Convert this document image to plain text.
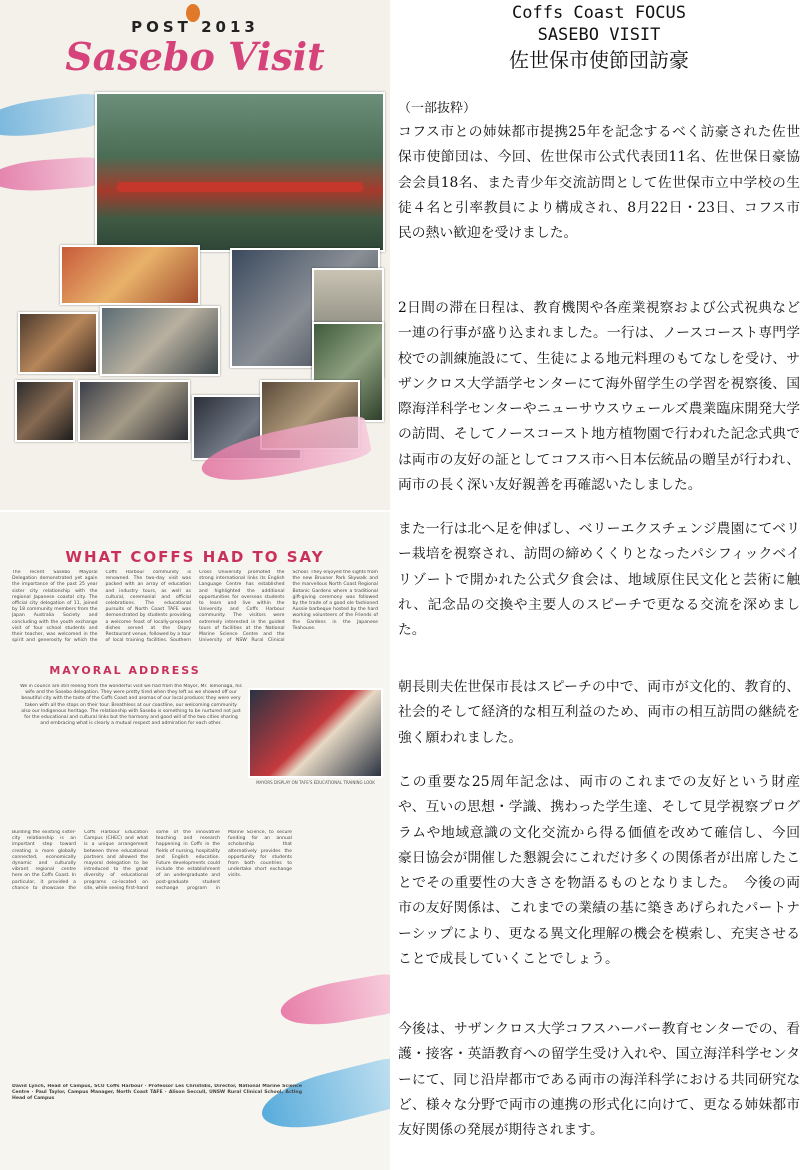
POST 2013
Sasebo Visit
WHAT COFFS HAD TO SAY
The recent Sasebo Mayoral Delegation demonstrated yet again the importance of the past 25 year sister city relationship with the regional Japanese coastal city. The official city delegation of 11, joined by 18 community members from the Japan Australia Society and concluding with the youth exchange visit of four school students and their teacher, was welcomed in the spirit and generosity for which the Coffs Harbour community is renowned. The two-day visit was packed with an array of education and industry tours, as well as cultural, ceremonial and official celebrations. The educational pursuits of North Coast TAFE was demonstrated by students providing a welcome feast of locally-prepared dishes served at the Ospry Restaurant venue, followed by a tour of local training facilities. Southern Cross University promoted the strong international links its English Language Centre has established and highlighted the additional opportunities for overseas students to learn and live within the University and Coffs Harbour community. The visitors were extremely interested in the guided tours of facilities at the National Marine Science Centre and the University of NSW Rural Clinical School. They enjoyed the sights from the new Bruxner Park Skywalk and the marvellous North Coast Regional Botanic Gardens where a traditional gift-giving ceremony was followed by the trade of a good ole fashioned Aussie barbeque hosted by the hard working volunteers of the Friends of the Gardens in the Japanese Teahouse.
MAYORAL ADDRESS
We in council are still reeling from the wonderful visit we had from the Mayor, Mr. Tomonaga, his wife and the Sasebo delegation. They were pretty tired when they left as we showed off our beautiful city with the taste of the Coffs Coast and aromas of our local produce; they were very taken with all the stops on their tour. Breathless at our coastline, our welcoming community also our Indigenous heritage. The relationship with Sasebo is something to be nurtured not just for the educational and cultural links but the harmony and good will of the two cities sharing and embracing what is clearly a mutual respect and admiration for each other.
MAYORS DISPLAY ON TAFE'S EDUCATIONAL TRAINING LOOK
Building the existing sister-city relationship is an important step toward creating a more globally connected, economically dynamic and culturally vibrant regional centre here on the Coffs Coast. In particular, it provided a chance to showcase the Coffs Harbour Education Campus (CHEC) and what is a unique arrangement between three educational partners and allowed the mayoral delegation to be introduced to the great diversity of educational programs co-located on site, while seeing first-hand some of the innovative teaching and research happening in Coffs in the fields of nursing, hospitality and English education. Future developments could include the establishment of an undergraduate and post-graduate student exchange program in Marine Science, to secure funding for an annual scholarship that alternatively provides the opportunity for students from both countries to undertake short exchange visits.
David Lynch, Head of Campus, SCU Coffs Harbour · Professor Les Christidis, Director, National Marine Science Centre · Paul Taylor, Campus Manager, North Coast TAFE · Alison Seccull, UNSW Rural Clinical School, Acting Head of Campus
Coffs Coast FOCUS
SASEBO VISIT
佐世保市使節団訪豪
（一部抜粋）
コフス市との姉妹都市提携25年を記念するべく訪豪された佐世保市使節団は、今回、佐世保市公式代表団11名、佐世保日豪協会会員18名、また青少年交流訪問として佐世保市立中学校の生徒４名と引率教員により構成され、8月22日・23日、コフス市民の熱い歓迎を受けました。
2日間の滞在日程は、教育機関や各産業視察および公式祝典など一連の行事が盛り込まれました。一行は、ノースコースト専門学校での訓練施設にて、生徒による地元料理のもてなしを受け、サザンクロス大学語学センターにて海外留学生の学習を視察後、国際海洋科学センターやニューサウスウェールズ農業臨床開発大学の訪問、そしてノースコースト地方植物園で行われた記念式典では両市の友好の証としてコフス市へ日本伝統品の贈呈が行われ、両市の長く深い友好親善を再確認いたしました。
また一行は北へ足を伸ばし、ベリーエクスチェンジ農園にてベリー栽培を視察され、訪問の締めくくりとなったパシフィックベイリゾートで開かれた公式夕食会は、地域原住民文化と芸術に触れ、記念品の交換や主要人のスピーチで更なる交流を深めました。
朝長則夫佐世保市長はスピーチの中で、両市が文化的、教育的、社会的そして経済的な相互利益のため、両市の相互訪問の継続を強く願われました。
この重要な25周年記念は、両市のこれまでの友好という財産や、互いの思想・学識、携わった学生達、そして見学視察プログラムや地域意識の文化交流から得る価値を改めて確信し、今回 豪日協会が開催した懇親会にこれだけ多くの関係者が出席したことでその重要性の大きさを物語るものとなりました。　今後の両市の友好関係は、これまでの業績の基に築きあげられたパートナーシップにより、更なる異文化理解の機会を模索し、充実させることで成長していくことでしょう。
今後は、サザンクロス大学コフスハーバー教育センターでの、看護・接客・英語教育への留学生受け入れや、国立海洋科学センターにて、同じ沿岸都市である両市の海洋科学における共同研究など、様々な分野で両市の連携の形式化に向けて、更なる姉妹都市友好関係の発展が期待されます。
